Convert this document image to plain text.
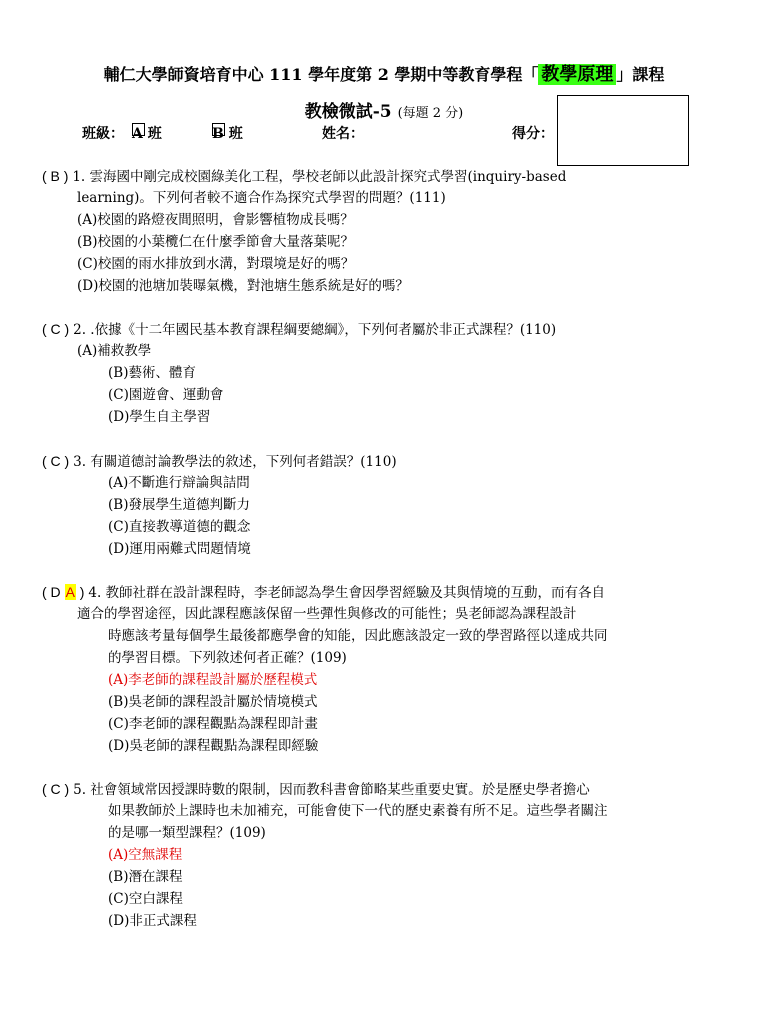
輔仁大學師資培育中心 111 學年度第 2 學期中等教育學程「 教學原理 」課程
教檢微試-5 (每題 2 分)
班級： A 班	B 班	姓名：	得分：
( B ) 1. 雲海國中剛完成校園綠美化工程，學校老師以此設計探究式學習(inquiry-based
learning)。下列何者較不適合作為探究式學習的問題？(111)
(A)校園的路燈夜間照明，會影響植物成長嗎？
(B)校園的小葉欖仁在什麼季節會大量落葉呢？
(C)校園的雨水排放到水溝，對環境是好的嗎？
(D)校園的池塘加裝曝氣機，對池塘生態系統是好的嗎？
( C ) 2. .依據《十二年國民基本教育課程綱要總綱》，下列何者屬於非正式課程？(110)
(A)補救教學
(B)藝術、體育
(C)園遊會、運動會
(D)學生自主學習
( C ) 3. 有關道德討論教學法的敘述，下列何者錯誤？(110)
(A)不斷進行辯論與詰問
(B)發展學生道德判斷力
(C)直接教導道德的觀念
(D)運用兩難式問題情境
( D A ) 4. 教師社群在設計課程時，李老師認為學生會因學習經驗及其與情境的互動，而有各自
適合的學習途徑，因此課程應該保留一些彈性與修改的可能性；吳老師認為課程設計
時應該考量每個學生最後都應學會的知能，因此應該設定一致的學習路徑以達成共同
的學習目標。下列敘述何者正確？(109)
(A)李老師的課程設計屬於歷程模式
(B)吳老師的課程設計屬於情境模式
(C)李老師的課程觀點為課程即計畫
(D)吳老師的課程觀點為課程即經驗
( C ) 5. 社會領域常因授課時數的限制，因而教科書會節略某些重要史實。於是歷史學者擔心
如果教師於上課時也未加補充，可能會使下一代的歷史素養有所不足。這些學者關注
的是哪一類型課程？(109)
(A)空無課程
(B)潛在課程
(C)空白課程
(D)非正式課程
